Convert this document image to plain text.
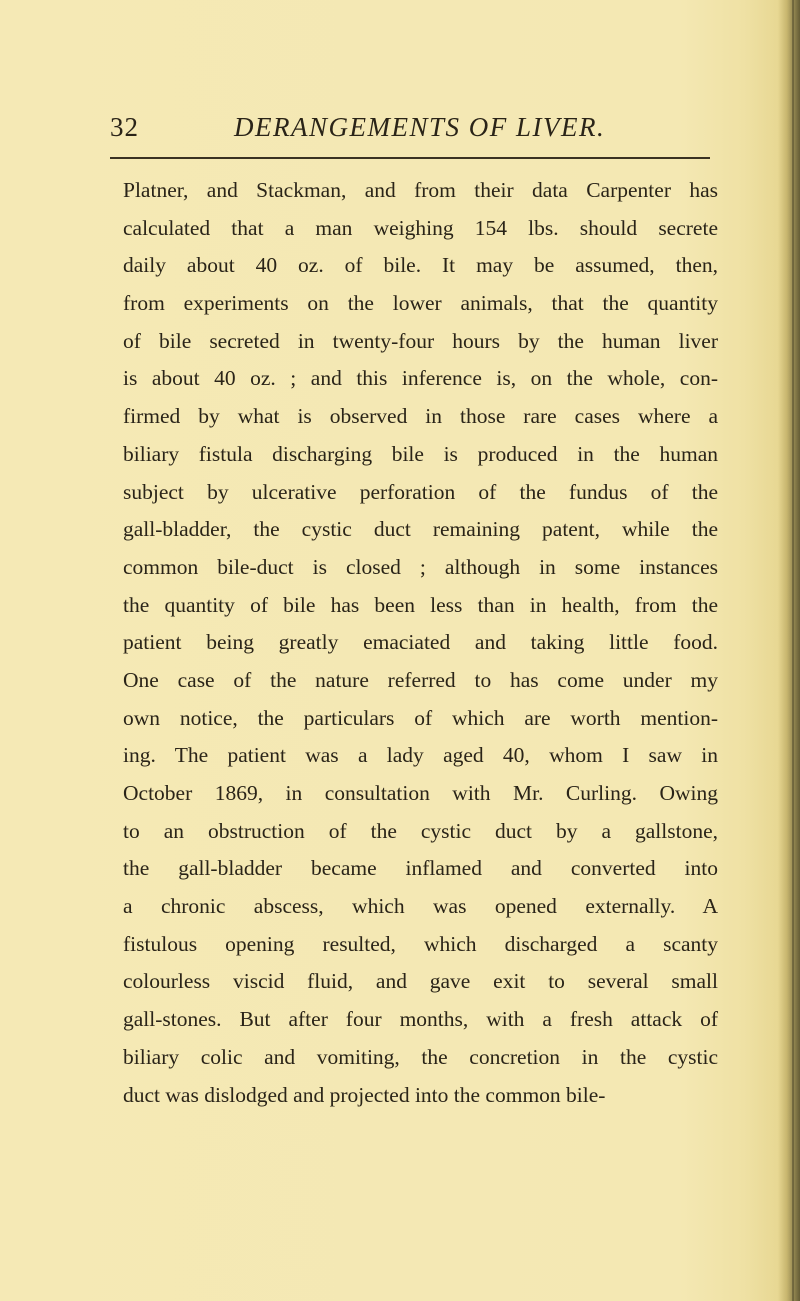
32	DERANGEMENTS OF LIVER.
Platner, and Stackman, and from their data Carpenter has
calculated that a man weighing 154 lbs. should secrete
daily about 40 oz. of bile. It may be assumed, then,
from experiments on the lower animals, that the quantity
of bile secreted in twenty-four hours by the human liver
is about 40 oz. ; and this inference is, on the whole, con-
firmed by what is observed in those rare cases where a
biliary fistula discharging bile is produced in the human
subject by ulcerative perforation of the fundus of the
gall-bladder, the cystic duct remaining patent, while the
common bile-duct is closed ; although in some instances
the quantity of bile has been less than in health, from the
patient being greatly emaciated and taking little food.
One case of the nature referred to has come under my
own notice, the particulars of which are worth mention-
ing. The patient was a lady aged 40, whom I saw in
October 1869, in consultation with Mr. Curling. Owing
to an obstruction of the cystic duct by a gallstone,
the gall-bladder became inflamed and converted into
a chronic abscess, which was opened externally. A
fistulous opening resulted, which discharged a scanty
colourless viscid fluid, and gave exit to several small
gall-stones. But after four months, with a fresh attack of
biliary colic and vomiting, the concretion in the cystic
duct was dislodged and projected into the common bile-
